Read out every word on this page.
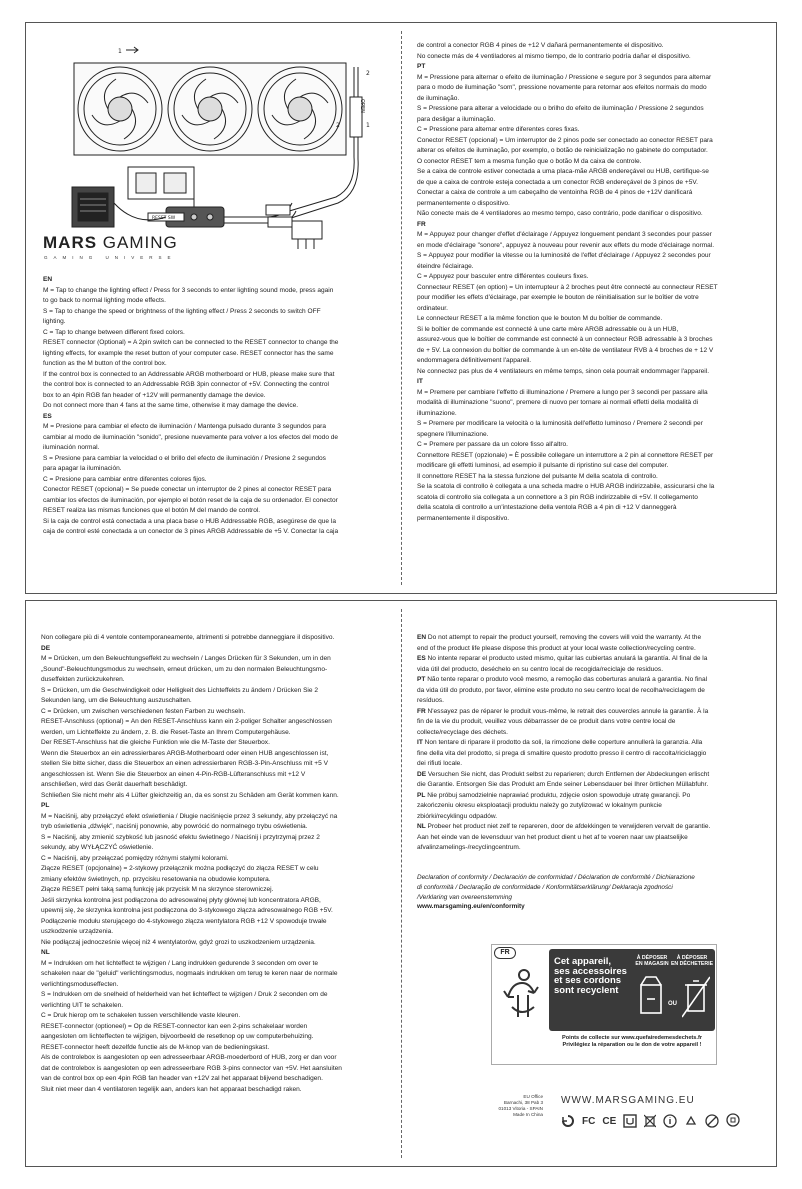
RESET SW
OPEN
1
2
1
2
MARS GAMING
GAMING UNIVERSE
EN
M = Tap to change the lighting effect / Press for 3 seconds to enter lighting sound mode, press again
to go back to normal lighting mode effects.
S = Tap to change the speed or brightness of the lighting effect / Press 2 seconds to switch OFF
lighting.
C = Tap to change between different fixed colors.
RESET connector (Optional) = A 2pin switch can be connected to the RESET connector to change the
lighting effects, for example the reset button of your computer case. RESET connector has the same
function as the M button of the control box.
If the control box is connected to an Addressable ARGB motherboard or HUB, please make sure that
the control box is connected to an Addressable RGB 3pin connector of +5V. Connecting the control
box to an 4pin RGB fan header of +12V will permanently damage the device.
Do not connect more than 4 fans at the same time, otherwise it may damage the device.
ES
M = Presione para cambiar el efecto de iluminación / Mantenga pulsado durante 3 segundos para
cambiar al modo de iluminación "sonido", presione nuevamente para volver a los efectos del modo de
iluminación normal.
S = Presione para cambiar la velocidad o el brillo del efecto de iluminación / Presione 2 segundos
para apagar la iluminación.
C = Presione para cambiar entre diferentes colores fijos.
Conector RESET (opcional) = Se puede conectar un interruptor de 2 pines al conector RESET para
cambiar los efectos de iluminación, por ejemplo el botón reset de la caja de su ordenador. El conector
RESET realiza las mismas funciones que el botón M del mando de control.
Si la caja de control está conectada a una placa base o HUB Addressable RGB, asegúrese de que la
caja de control esté conectada a un conector de 3 pines ARGB Addressable de +5 V. Conectar la caja
de control a conector RGB 4 pines de +12 V dañará permanentemente el dispositivo.
No conecte más de 4 ventiladores al mismo tiempo, de lo contrario podría dañar el dispositivo.
PT
M = Pressione para alternar o efeito de iluminação / Pressione e segure por 3 segundos para alternar
para o modo de iluminação "som", pressione novamente para retornar aos efeitos normais do modo
de iluminação.
S = Pressione para alterar a velocidade ou o brilho do efeito de iluminação / Pressione 2 segundos
para desligar a iluminação.
C = Pressione para alternar entre diferentes cores fixas.
Conector RESET (opcional) = Um interruptor de 2 pinos pode ser conectado ao conector RESET para
alterar os efeitos de iluminação, por exemplo, o botão de reinicialização no gabinete do computador.
O conector RESET tem a mesma função que o botão M da caixa de controle.
Se a caixa de controle estiver conectada a uma placa-mãe ARGB endereçável ou HUB, certifique-se
de que a caixa de controle esteja conectada a um conector RGB endereçável de 3 pinos de +5V.
Conectar a caixa de controle a um cabeçalho de ventoinha RGB de 4 pinos de +12V danificará
permanentemente o dispositivo.
Não conecte mais de 4 ventiladores ao mesmo tempo, caso contrário, pode danificar o dispositivo.
FR
M = Appuyez pour changer d'effet d'éclairage / Appuyez longuement pendant 3 secondes pour passer
en mode d'éclairage "sonore", appuyez à nouveau pour revenir aux effets du mode d'éclairage normal.
S = Appuyez pour modifier la vitesse ou la luminosité de l'effet d'éclairage / Appuyez 2 secondes pour
éteindre l'éclairage.
C = Appuyez pour basculer entre différentes couleurs fixes.
Connecteur RESET (en option) = Un interrupteur à 2 broches peut être connecté au connecteur RESET
pour modifier les effets d'éclairage, par exemple le bouton de réinitialisation sur le boîtier de votre
ordinateur.
Le connecteur RESET a la même fonction que le bouton M du boîtier de commande.
Si le boîtier de commande est connecté à une carte mère ARGB adressable ou à un HUB,
assurez-vous que le boîtier de commande est connecté à un connecteur RGB adressable à 3 broches
de + 5V. La connexion du boîtier de commande à un en-tête de ventilateur RVB à 4 broches de + 12 V
endommagera définitivement l'appareil.
Ne connectez pas plus de 4 ventilateurs en même temps, sinon cela pourrait endommager l'appareil.
IT
M = Premere per cambiare l'effetto di illuminazione / Premere a lungo per 3 secondi per passare alla
modalità di illuminazione "suono", premere di nuovo per tornare ai normali effetti della modalità di
illuminazione.
S = Premere per modificare la velocità o la luminosità dell'effetto luminoso / Premere 2 secondi per
spegnere l'illuminazione.
C = Premere per passare da un colore fisso all'altro.
Connettore RESET (opzionale) = È possibile collegare un interruttore a 2 pin al connettore RESET per
modificare gli effetti luminosi, ad esempio il pulsante di ripristino sul case del computer.
Il connettore RESET ha la stessa funzione del pulsante M della scatola di controllo.
Se la scatola di controllo è collegata a una scheda madre o HUB ARGB indirizzabile, assicurarsi che la
scatola di controllo sia collegata a un connettore a 3 pin RGB indirizzabile di +5V. Il collegamento
della scatola di controllo a un'intestazione della ventola RGB a 4 pin di +12 V danneggerà
permanentemente il dispositivo.
Non collegare più di 4 ventole contemporaneamente, altrimenti si potrebbe danneggiare il dispositivo.
DE
M = Drücken, um den Beleuchtungseffekt zu wechseln / Langes Drücken für 3 Sekunden, um in den
„Sound"-Beleuchtungsmodus zu wechseln, erneut drücken, um zu den normalen Beleuchtungsmo-
duseffekten zurückzukehren.
S = Drücken, um die Geschwindigkeit oder Helligkeit des Lichteffekts zu ändern / Drücken Sie 2
Sekunden lang, um die Beleuchtung auszuschalten.
C = Drücken, um zwischen verschiedenen festen Farben zu wechseln.
RESET-Anschluss (optional) = An den RESET-Anschluss kann ein 2-poliger Schalter angeschlossen
werden, um Lichteffekte zu ändern, z. B. die Reset-Taste an Ihrem Computergehäuse.
Der RESET-Anschluss hat die gleiche Funktion wie die M-Taste der Steuerbox.
Wenn die Steuerbox an ein adressierbares ARGB-Motherboard oder einen HUB angeschlossen ist,
stellen Sie bitte sicher, dass die Steuerbox an einen adressierbaren RGB-3-Pin-Anschluss mit +5 V
angeschlossen ist. Wenn Sie die Steuerbox an einen 4-Pin-RGB-Lüfteranschluss mit +12 V
anschließen, wird das Gerät dauerhaft beschädigt.
Schließen Sie nicht mehr als 4 Lüfter gleichzeitig an, da es sonst zu Schäden am Gerät kommen kann.
PL
M = Naciśnij, aby przełączyć efekt oświetlenia / Długie naciśnięcie przez 3 sekundy, aby przełączyć na
tryb oświetlenia „dźwięk", naciśnij ponownie, aby powrócić do normalnego trybu oświetlenia.
S = Naciśnij, aby zmienić szybkość lub jasność efektu świetlnego / Naciśnij i przytrzymaj przez 2
sekundy, aby WYŁĄCZYĆ oświetlenie.
C = Naciśnij, aby przełączać pomiędzy różnymi stałymi kolorami.
Złącze RESET (opcjonalne) = 2-stykowy przełącznik można podłączyć do złącza RESET w celu
zmiany efektów świetlnych, np. przycisku resetowania na obudowie komputera.
Złącze RESET pełni taką samą funkcję jak przycisk M na skrzynce sterowniczej.
Jeśli skrzynka kontrolna jest podłączona do adresowalnej płyty głównej lub koncentratora ARGB,
upewnij się, że skrzynka kontrolna jest podłączona do 3-stykowego złącza adresowalnego RGB +5V.
Podłączenie modułu sterującego do 4-stykowego złącza wentylatora RGB +12 V spowoduje trwałe
uszkodzenie urządzenia.
Nie podłączaj jednocześnie więcej niż 4 wentylatorów, gdyż grozi to uszkodzeniem urządzenia.
NL
M = Indrukken om het lichteffect te wijzigen / Lang indrukken gedurende 3 seconden om over te
schakelen naar de "geluid" verlichtingsmodus, nogmaals indrukken om terug te keren naar de normale
verlichtingsmoduseffecten.
S = Indrukken om de snelheid of helderheid van het lichteffect te wijzigen / Druk 2 seconden om de
verlichting UIT te schakelen.
C = Druk hierop om te schakelen tussen verschillende vaste kleuren.
RESET-connector (optioneel) = Op de RESET-connector kan een 2-pins schakelaar worden
aangesloten om lichteffecten te wijzigen, bijvoorbeeld de resetknop op uw computerbehuizing.
RESET-connector heeft dezelfde functie als de M-knop van de bedieningskast.
Als de controlebox is aangesloten op een adresseerbaar ARGB-moederbord of HUB, zorg er dan voor
dat de controlebox is aangesloten op een adresseerbare RGB 3-pins connector van +5V. Het aansluiten
van de control box op een 4pin RGB fan header van +12V zal het apparaat blijvend beschadigen.
Sluit niet meer dan 4 ventilatoren tegelijk aan, anders kan het apparaat beschadigd raken.
EN Do not attempt to repair the product yourself, removing the covers will void the warranty. At the
end of the product life please dispose this product at your local waste collection/recycling centre.
ES No intente reparar el producto usted mismo, quitar las cubiertas anulará la garantía. Al final de la
vida útil del producto, deséchelo en su centro local de recogida/reciclaje de residuos.
PT Não tente reparar o produto você mesmo, a remoção das coberturas anulará a garantia. No final
da vida útil do produto, por favor, elimine este produto no seu centro local de recolha/reciclagem de
resíduos.
FR N'essayez pas de réparer le produit vous-même, le retrait des couvercles annule la garantie. À la
fin de la vie du produit, veuillez vous débarrasser de ce produit dans votre centre local de
collecte/recyclage des déchets.
IT Non tentare di riparare il prodotto da soli, la rimozione delle coperture annullerà la garanzia. Alla
fine della vita del prodotto, si prega di smaltire questo prodotto presso il centro di raccolta/riciclaggio
dei rifiuti locale.
DE Versuchen Sie nicht, das Produkt selbst zu reparieren; durch Entfernen der Abdeckungen erlischt
die Garantie. Entsorgen Sie das Produkt am Ende seiner Lebensdauer bei Ihrer örtlichen Müllabfuhr.
PL Nie próbuj samodzielnie naprawiać produktu, zdjęcie osłon spowoduje utratę gwarancji. Po
zakończeniu okresu eksploatacji produktu należy go zutylizować w lokalnym punkcie
zbiórki/recyklingu odpadów.
NL Probeer het product niet zelf te repareren, door de afdekkingen te verwijderen vervalt de garantie.
Aan het einde van de levensduur van het product dient u het af te voeren naar uw plaatselijke
afvalinzamelings-/recyclingcentrum.
Declaration of conformity / Declaración de conformidad / Déclaration de conformité / Dichiarazione
di conformità / Declaração de conformidade / Konformitätserklärung/ Deklaracja zgodności
/Verklaring van overeenstemming
www.marsgaming.eu/en/conformity
FR
Cet appareil,
ses accessoires
et ses cordons
sont recyclent
À DÉPOSER
EN MAGASIN
À DÉPOSER
EN DÉCHETERIE
OU
Points de collecte sur www.quefairedemesdechets.fr
Privilégiez la réparation ou le don de votre appareil !
EU Office
Barnachi, 38 Pab 3
01013 Vitoria - SPAIN
Made In China
WWW.MARSGAMING.EU
FC CE
